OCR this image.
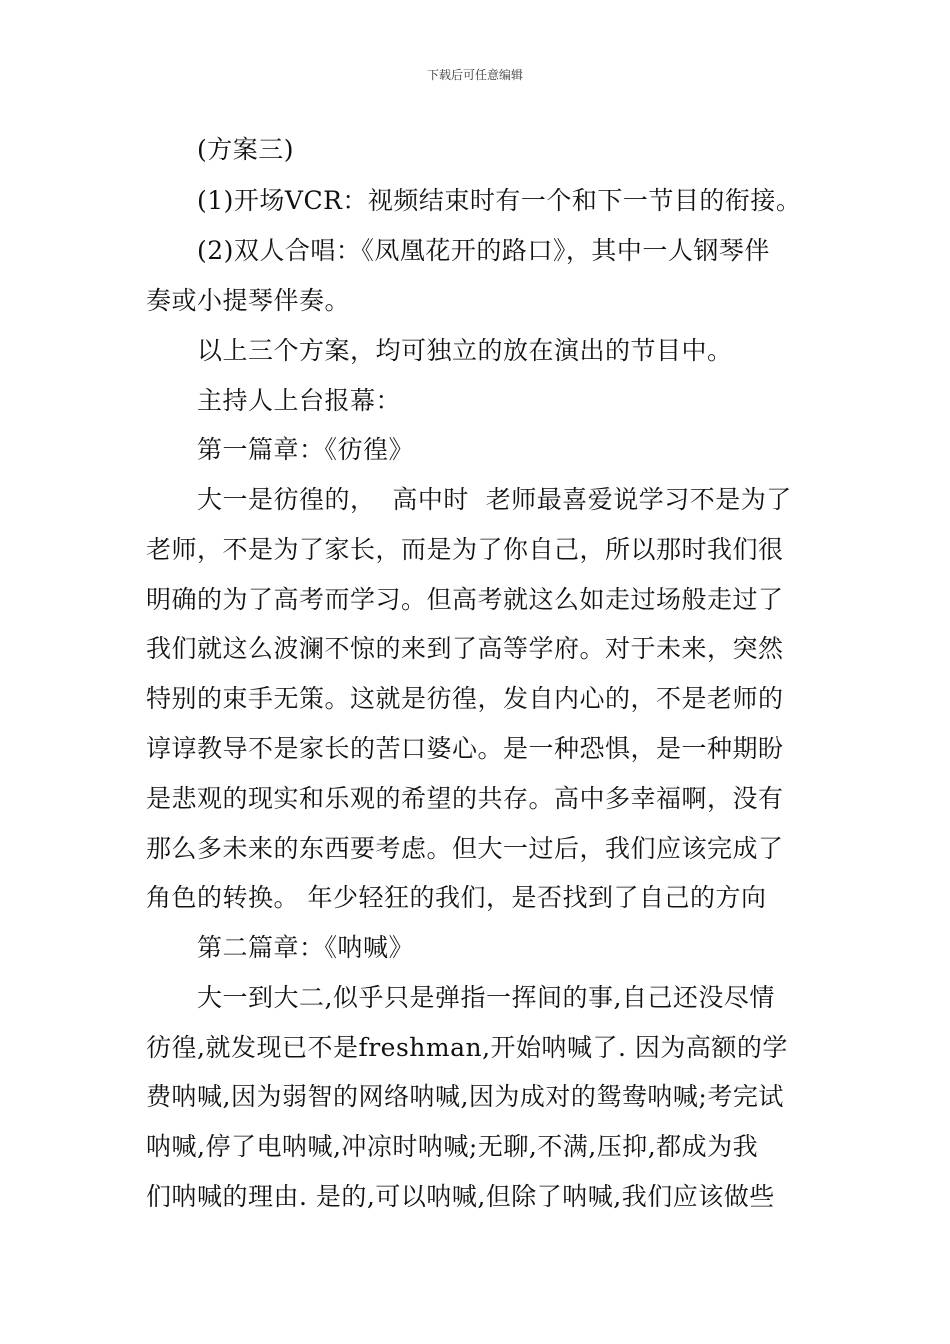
下载后可任意编辑
(方案三)
(1)开场VCR：视频结束时有一个和下一节目的衔接。
(2)双人合唱：《凤凰花开的路口》，其中一人钢琴伴
奏或小提琴伴奏。
以上三个方案，均可独立的放在演出的节目中。
主持人上台报幕：
第一篇章：《彷徨》
大一是彷徨的，  高中时  老师最喜爱说学习不是为了
老师，不是为了家长，而是为了你自己，所以那时我们很
明确的为了高考而学习。但高考就这么如走过场般走过了
我们就这么波澜不惊的来到了高等学府。对于未来，突然
特别的束手无策。这就是彷徨，发自内心的，不是老师的
谆谆教导不是家长的苦口婆心。是一种恐惧，是一种期盼
是悲观的现实和乐观的希望的共存。高中多幸福啊，没有
那么多未来的东西要考虑。但大一过后，我们应该完成了
角色的转换。 年少轻狂的我们，是否找到了自己的方向
第二篇章：《呐喊》
大一到大二,似乎只是弹指一挥间的事,自己还没尽情
彷徨,就发现已不是freshman,开始呐喊了. 因为高额的学
费呐喊,因为弱智的网络呐喊,因为成对的鸳鸯呐喊;考完试
呐喊,停了电呐喊,冲凉时呐喊;无聊,不满,压抑,都成为我
们呐喊的理由. 是的,可以呐喊,但除了呐喊,我们应该做些
